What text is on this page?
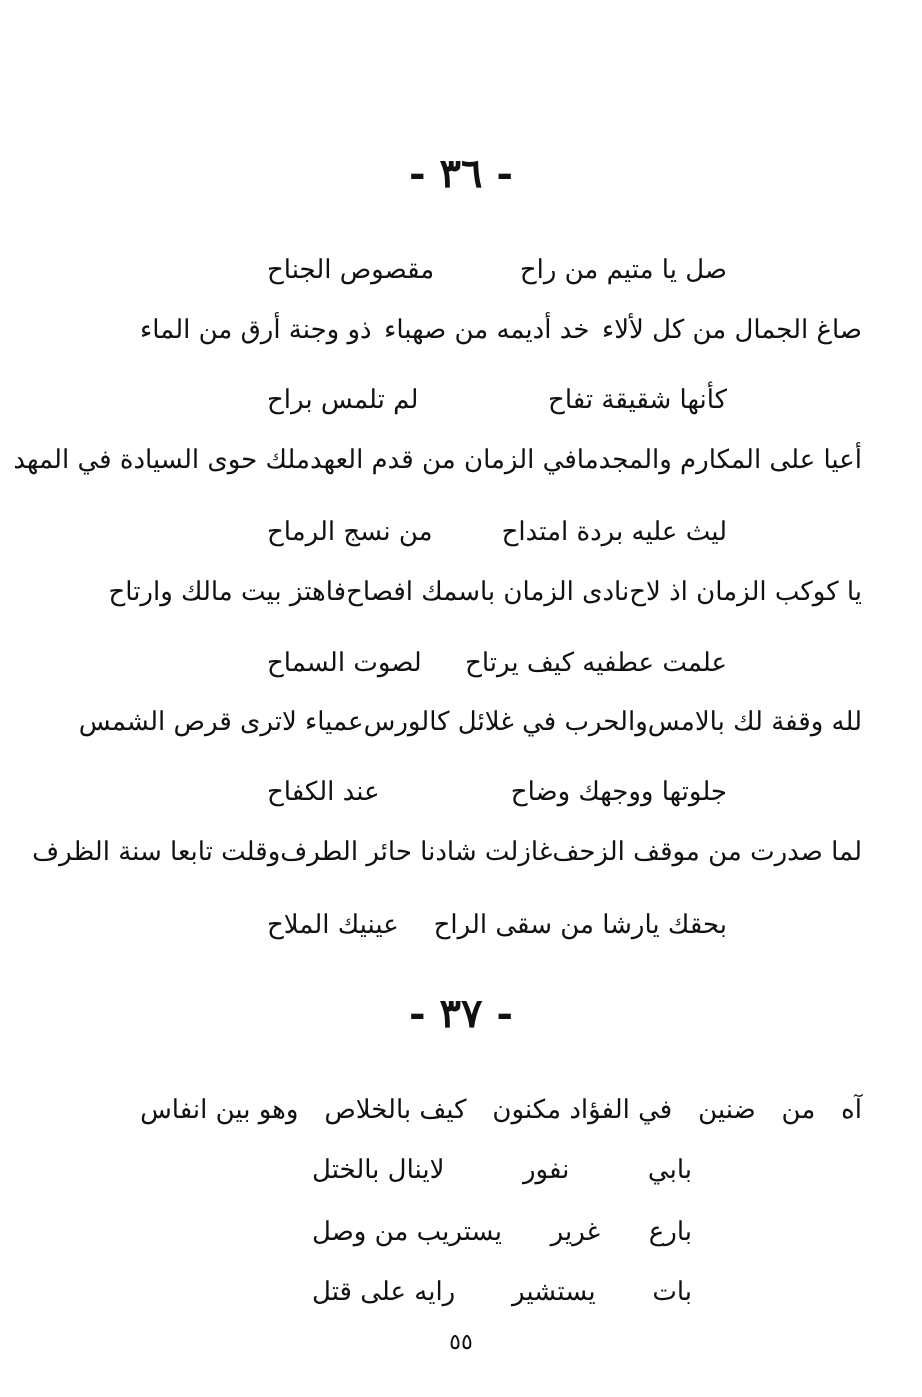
- ٣٦ -
صل يا متيم من راح
مقصوص الجناح
صاغ الجمال من كل لألاء
خد أديمه من صهباء
ذو وجنة أرق من الماء
كأنها شقيقة تفاح
لم تلمس براح
أعيا على المكارم والمجد
مافي الزمان من قدم العهد
ملك حوى السيادة في المهد
ليث عليه بردة امتداح
من نسج الرماح
يا كوكب الزمان اذ لاح
نادى الزمان باسمك افصاح
فاهتز بيت مالك وارتاح
علمت عطفيه كيف يرتاح
لصوت السماح
لله وقفة لك بالامس
والحرب في غلائل كالورس
عمياء لاترى قرص الشمس
جلوتها ووجهك وضاح
عند الكفاح
لما صدرت من موقف الزحف
غازلت شادنا حائر الطرف
وقلت تابعا سنة الظرف
بحقك يارشا من سقى الراح
عينيك الملاح
- ٣٧ -
آه
من
ضنين
في الفؤاد مكنون
كيف بالخلاص
وهو بين انفاس
بابي
نفور
لاينال بالختل
بارع
غرير
يستريب من وصل
بات
يستشير
رايه على قتل
٥٥
